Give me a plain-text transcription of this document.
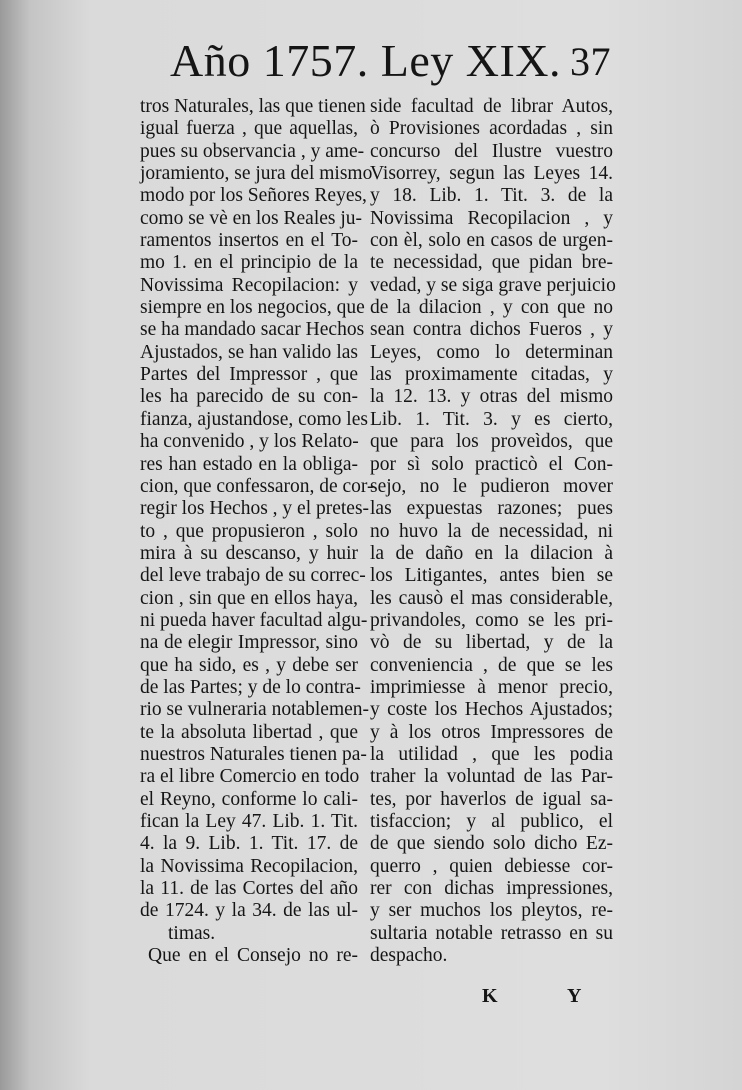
Año 1757. Ley XIX. 37
tros Naturales, las que tienen
igual fuerza , que aquellas,
pues su observancia , y ame-
joramiento, se jura del mismo
modo por los Señores Reyes,
como se vè en los Reales ju-
ramentos insertos en el To-
mo 1. en el principio de la
Novissima Recopilacion: y
siempre en los negocios, que
se ha mandado sacar Hechos
Ajustados, se han valido las
Partes del Impressor , que
les ha parecido de su con-
fianza, ajustandose, como les
ha convenido , y los Relato-
res han estado en la obliga-
cion, que confessaron, de cor-
regir los Hechos , y el pretes-
to , que propusieron , solo
mira à su descanso, y huir
del leve trabajo de su correc-
cion , sin que en ellos haya,
ni pueda haver facultad algu-
na de elegir Impressor, sino
que ha sido, es , y debe ser
de las Partes; y de lo contra-
rio se vulneraria notablemen-
te la absoluta libertad , que
nuestros Naturales tienen pa-
ra el libre Comercio en todo
el Reyno, conforme lo cali-
fican la Ley 47. Lib. 1. Tit.
4. la 9. Lib. 1. Tit. 17. de
la Novissima Recopilacion,
la 11. de las Cortes del año
de 1724. y la 34. de las ul-
timas.
Que en el Consejo no re-
side facultad de librar Autos,
ò Provisiones acordadas , sin
concurso del Ilustre vuestro
Visorrey, segun las Leyes 14.
y 18. Lib. 1. Tit. 3. de la
Novissima Recopilacion , y
con èl, solo en casos de urgen-
te necessidad, que pidan bre-
vedad, y se siga grave perjuicio
de la dilacion , y con que no
sean contra dichos Fueros , y
Leyes, como lo determinan
las proximamente citadas, y
la 12. 13. y otras del mismo
Lib. 1. Tit. 3. y es cierto,
que para los proveìdos, que
por sì solo practicò el Con-
sejo, no le pudieron mover
las expuestas razones; pues
no huvo la de necessidad, ni
la de daño en la dilacion à
los Litigantes, antes bien se
les causò el mas considerable,
privandoles, como se les pri-
vò de su libertad, y de la
conveniencia , de que se les
imprimiesse à menor precio,
y coste los Hechos Ajustados;
y à los otros Impressores de
la utilidad , que les podia
traher la voluntad de las Par-
tes, por haverlos de igual sa-
tisfaccion; y al publico, el
de que siendo solo dicho Ez-
querro , quien debiesse cor-
rer con dichas impressiones,
y ser muchos los pleytos, re-
sultaria notable retrasso en su
despacho.
K	Y
